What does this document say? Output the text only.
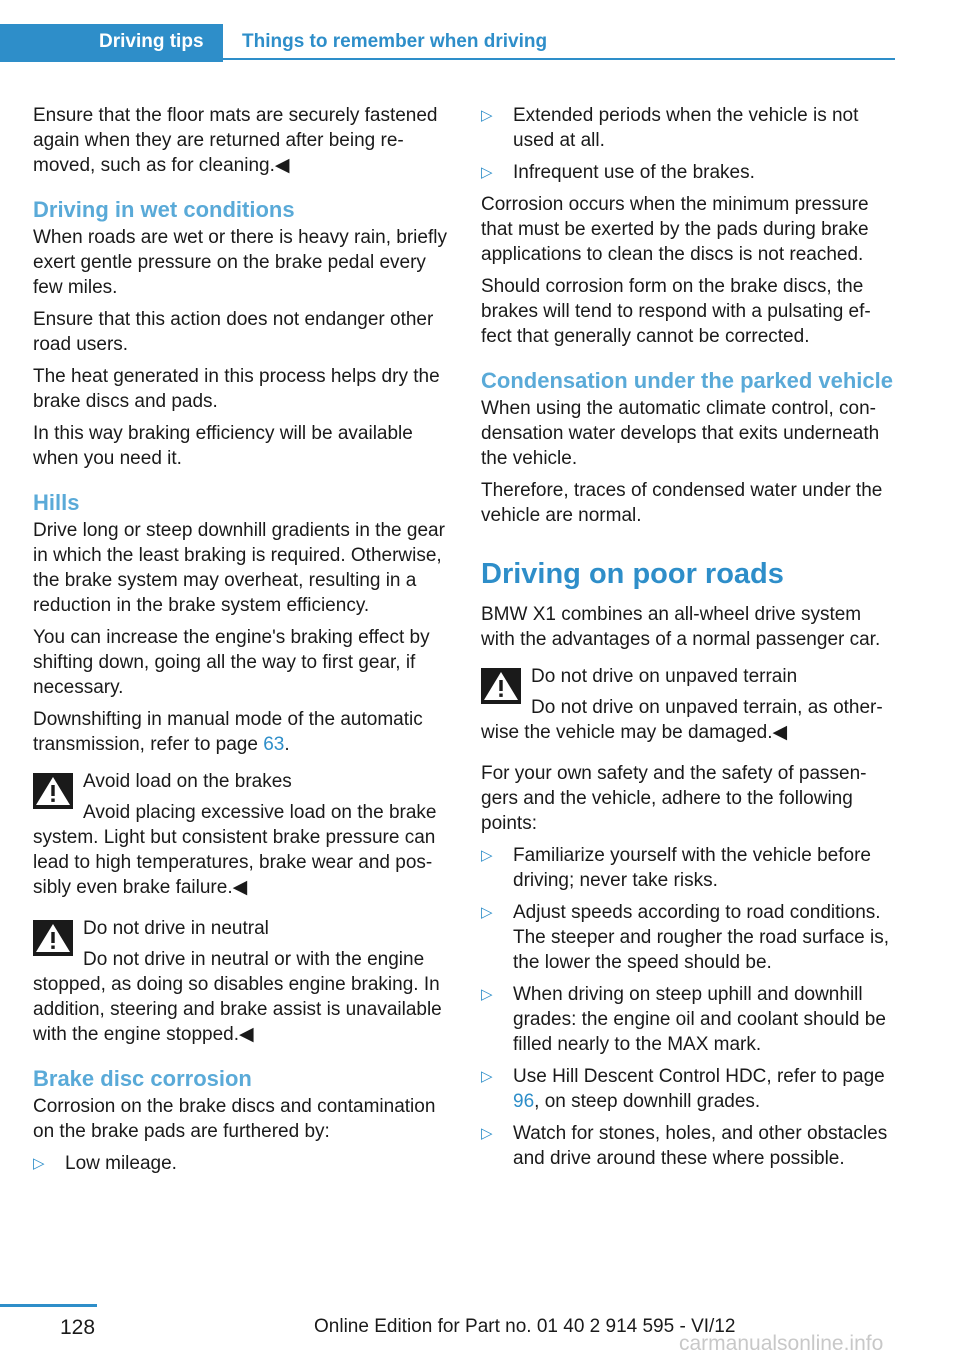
Driving tips	Things to remember when driving

Ensure that the floor mats are securely fastened again when they are returned after being re-moved, such as for cleaning.◀

Driving in wet conditions

When roads are wet or there is heavy rain, briefly exert gentle pressure on the brake pedal every few miles.

Ensure that this action does not endanger other road users.

The heat generated in this process helps dry the brake discs and pads.

In this way braking efficiency will be available when you need it.

Hills

Drive long or steep downhill gradients in the gear in which the least braking is required. Otherwise, the brake system may overheat, resulting in a reduction in the brake system efficiency.

You can increase the engine's braking effect by shifting down, going all the way to first gear, if necessary.

Downshifting in manual mode of the automatic transmission, refer to page 63.

Avoid load on the brakes
Avoid placing excessive load on the brake system. Light but consistent brake pressure can lead to high temperatures, brake wear and pos-sibly even brake failure.◀
Do not drive in neutral
Do not drive in neutral or with the engine stopped, as doing so disables engine braking. In addition, steering and brake assist is unavailable with the engine stopped.◀
Brake disc corrosion

Corrosion on the brake discs and contamination on the brake pads are furthered by:

▷ Low mileage.
▷ Extended periods when the vehicle is not used at all.
▷ Infrequent use of the brakes.

Corrosion occurs when the minimum pressure that must be exerted by the pads during brake applications to clean the discs is not reached.

Should corrosion form on the brake discs, the brakes will tend to respond with a pulsating ef-fect that generally cannot be corrected.

Condensation under the parked vehicle

When using the automatic climate control, con-densation water develops that exits underneath the vehicle.

Therefore, traces of condensed water under the vehicle are normal.

Driving on poor roads

BMW X1 combines an all-wheel drive system with the advantages of a normal passenger car.

Do not drive on unpaved terrain
Do not drive on unpaved terrain, as other-wise the vehicle may be damaged.◀

For your own safety and the safety of passen-gers and the vehicle, adhere to the following points:

▷ Familiarize yourself with the vehicle before driving; never take risks.
▷ Adjust speeds according to road conditions. The steeper and rougher the road surface is, the lower the speed should be.
▷ When driving on steep uphill and downhill grades: the engine oil and coolant should be filled nearly to the MAX mark.
▷ Use Hill Descent Control HDC, refer to page 96, on steep downhill grades.
▷ Watch for stones, holes, and other obstacles and drive around these where possible.
128	Online Edition for Part no. 01 40 2 914 595 - VI/12
carmanualsonline.info
